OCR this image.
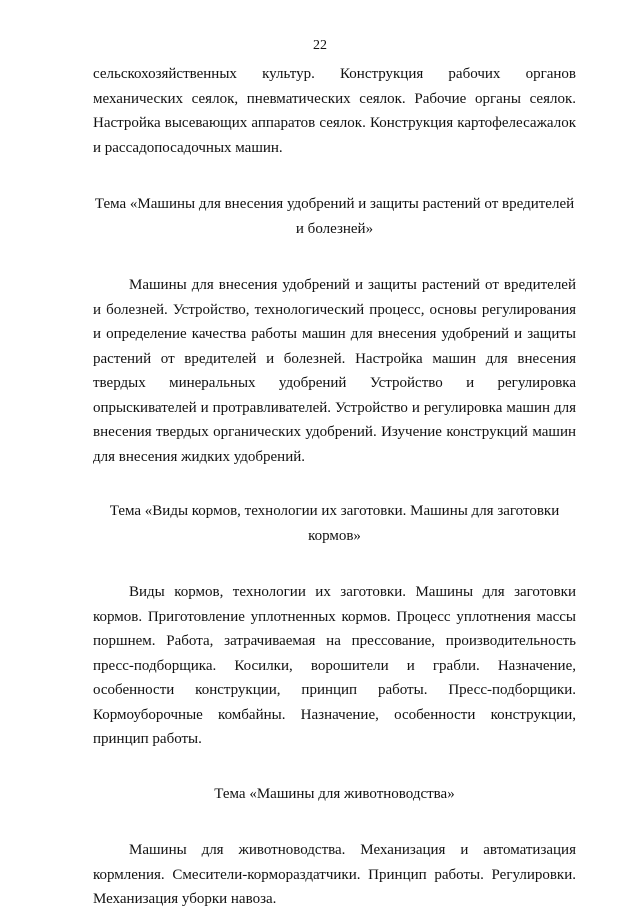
22

сельскохозяйственных культур. Конструкция рабочих органов механических сеялок, пневматических сеялок. Рабочие органы сеялок. Настройка высевающих аппаратов сеялок. Конструкция картофелесажалок и рассадопосадочных машин.

Тема «Машины для внесения удобрений и защиты растений от вредителей и болезней»

Машины для внесения удобрений и защиты растений от вредителей и болезней. Устройство, технологический процесс, основы регулирования и определение качества работы машин для внесения удобрений и защиты растений от вредителей и болезней. Настройка машин для внесения твердых минеральных удобрений Устройство и регулировка опрыскивателей и протравливателей. Устройство и регулировка машин для внесения твердых органических удобрений. Изучение конструкций машин для внесения жидких удобрений.

Тема «Виды кормов, технологии их заготовки. Машины для заготовки кормов»

Виды кормов, технологии их заготовки. Машины для заготовки кормов. Приготовление уплотненных кормов. Процесс уплотнения массы поршнем. Работа, затрачиваемая на прессование, производительность пресс-подборщика. Косилки, ворошители и грабли. Назначение, особенности конструкции, принцип работы. Пресс-подборщики. Кормоуборочные комбайны. Назначение, особенности конструкции, принцип работы.

Тема «Машины для животноводства»

Машины для животноводства. Механизация и автоматизация кормления. Смесители-кормораздатчики. Принцип работы. Регулировки. Механизация уборки навоза.
